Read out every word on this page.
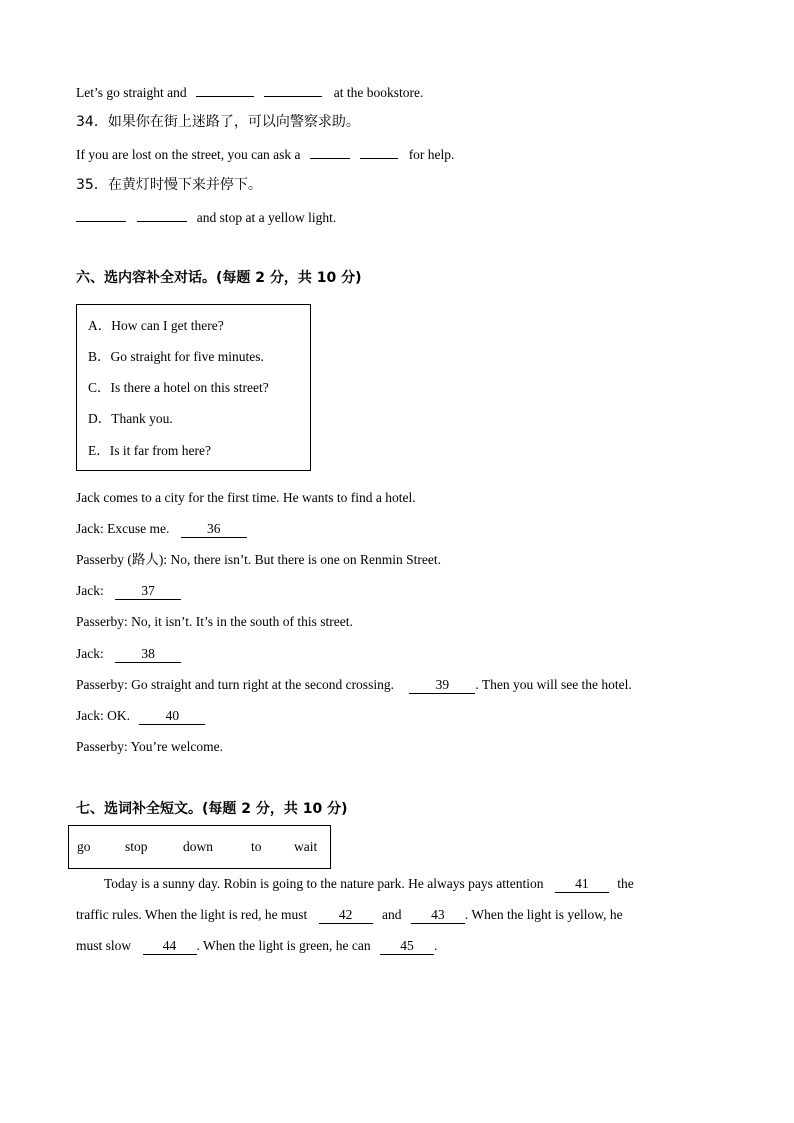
Let’s go straight and	at the bookstore.
34．如果你在街上迷路了，可以向警察求助。
If you are lost on the street, you can ask a	for help.
35．在黄灯时慢下来并停下。
and stop at a yellow light.
六、选内容补全对话。(每题 2 分，共 10 分)
A．How can I get there?
B．Go straight for five minutes.
C．Is there a hotel on this street?
D．Thank you.
E．Is it far from here?
Jack comes to a city for the first time. He wants to find a hotel.
Jack: Excuse me.	36
Passerby (路人): No, there isn’t. But there is one on Renmin Street.
Jack:	37
Passerby: No, it isn’t. It’s in the south of this street.
Jack:	38
Passerby: Go straight and turn right at the second crossing.	39 . Then you will see the hotel.
Jack: OK.	40
Passerby: You’re welcome.
七、选词补全短文。(每题 2 分，共 10 分)
go	stop	down	to wait
Today is a sunny day. Robin is going to the nature park. He always pays attention 41 the
traffic rules. When the light is red, he must 42 and 43 . When the light is yellow, he
must slow 44 . When the light is green, he can 45 .
